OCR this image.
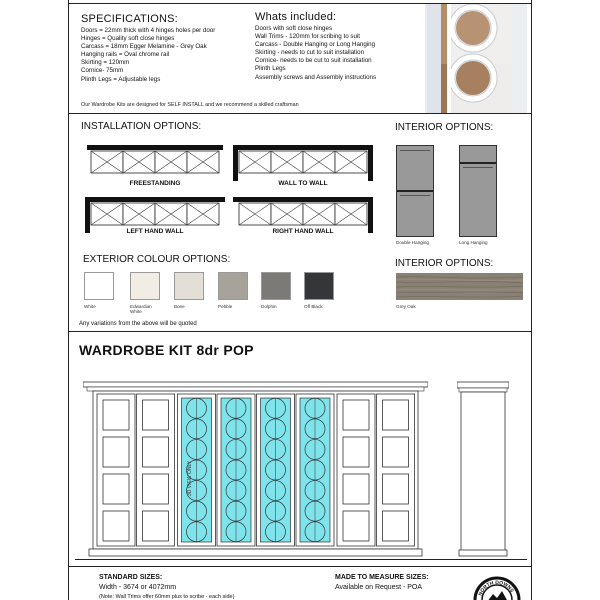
SPECIFICATIONS:
Doors = 22mm thick with 4 hinges holes per door
Hinges = Quality soft close hinges
Carcass = 18mm Egger Melamine - Grey Oak
Hanging rails = Oval chrome rail
Skirting = 120mm
Cornice- 75mm
Plinth Legs = Adjustable legs
Whats included:
Doors with soft close hinges
Wall Trims - 120mm for scribing to suit
Carcass - Double Hanging or Long Hanging
Skirting - needs to cut to suit installation
Cornice- needs to be cut to suit installation
Plinth Legs
Assembly screws and Assembly instructions
Our Wardrobe Kits are designed for SELF INSTALL and we recommend a skilled craftsman
INSTALLATION OPTIONS:
FREESTANDING	WALL TO WALL
LEFT HAND WALL	RIGHT HAND WALL
INTERIOR OPTIONS:
Double Hanging	Long Hanging
INTERIOR OPTIONS:
Grey Oak
EXTERIOR COLOUR OPTIONS:
White	Edwardian White
Bone	Pebble	Dolphin	Off Black
Any variations from the above will be quoted
WARDROBE KIT 8dr POP
3D VIEW ONLY
STANDARD SIZES:
Width - 3674 or 4072mm
(Note: Wall Trims offer 60mm plus to scribe - each side)
MADE TO MEASURE SIZES:
Available on Request - POA
NORTH DOWNS
